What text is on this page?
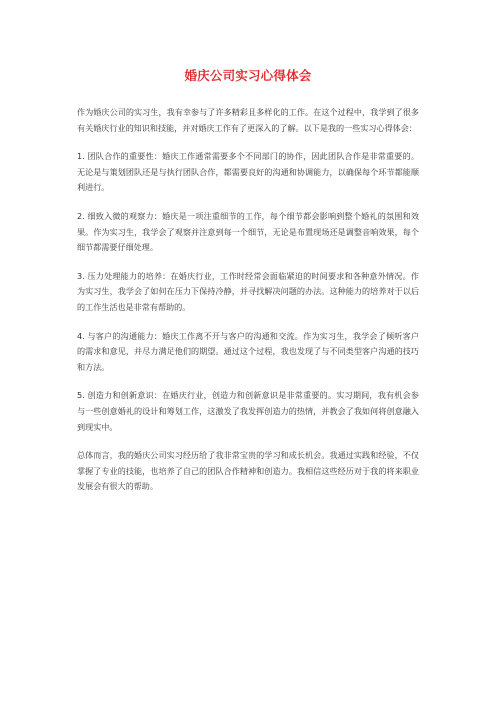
婚庆公司实习心得体会

作为婚庆公司的实习生，我有幸参与了许多精彩且多样化的工作。在这个过程中，我学到了很多有关婚庆行业的知识和技能，并对婚庆工作有了更深入的了解。以下是我的一些实习心得体会：

1. 团队合作的重要性：婚庆工作通常需要多个不同部门的协作，因此团队合作是非常重要的。无论是与策划团队还是与执行团队合作，都需要良好的沟通和协调能力，以确保每个环节都能顺利进行。

2. 细致入微的观察力：婚庆是一项注重细节的工作，每个细节都会影响到整个婚礼的氛围和效果。作为实习生，我学会了观察并注意到每一个细节，无论是布置现场还是调整音响效果，每个细节都需要仔细处理。

3. 压力处理能力的培养：在婚庆行业，工作时经常会面临紧迫的时间要求和各种意外情况。作为实习生，我学会了如何在压力下保持冷静，并寻找解决问题的办法。这种能力的培养对于以后的工作生活也是非常有帮助的。

4. 与客户的沟通能力：婚庆工作离不开与客户的沟通和交流。作为实习生，我学会了倾听客户的需求和意见，并尽力满足他们的期望。通过这个过程，我也发现了与不同类型客户沟通的技巧和方法。

5. 创造力和创新意识：在婚庆行业，创造力和创新意识是非常重要的。实习期间，我有机会参与一些创意婚礼的设计和筹划工作，这激发了我发挥创造力的热情，并教会了我如何将创意融入到现实中。

总体而言，我的婚庆公司实习经历给了我非常宝贵的学习和成长机会。我通过实践和经验，不仅掌握了专业的技能，也培养了自己的团队合作精神和创造力。我相信这些经历对于我的将来职业发展会有很大的帮助。
